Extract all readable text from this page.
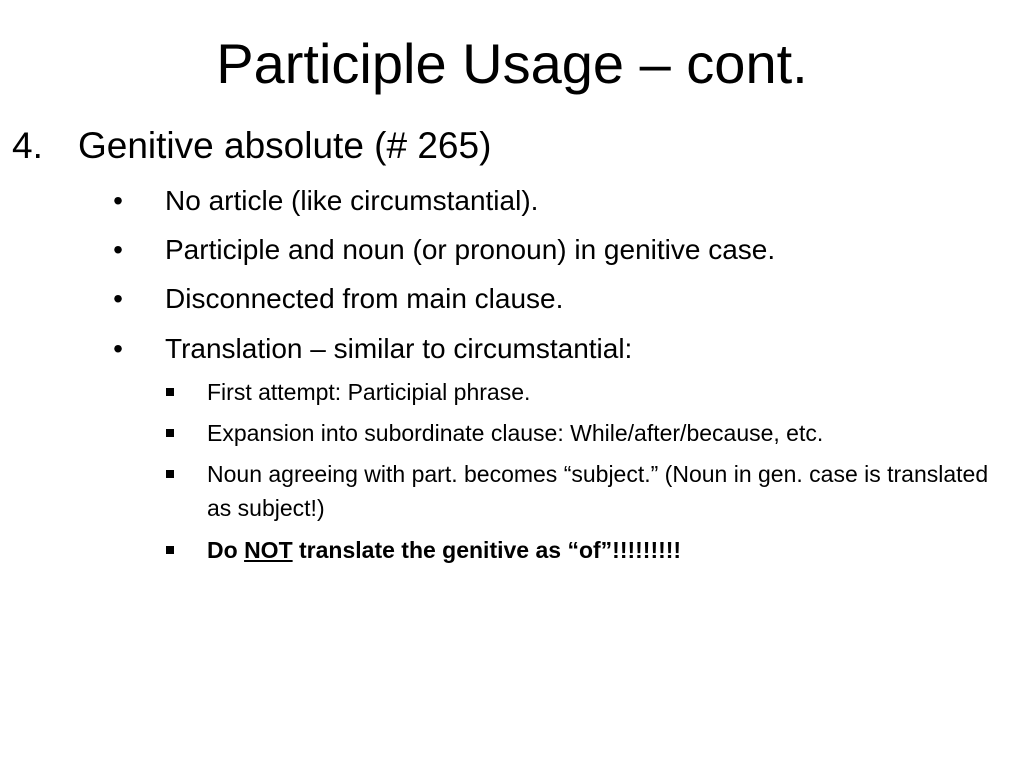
Participle Usage – cont.
4. Genitive absolute (# 265)
• No article (like circumstantial).
• Participle and noun (or pronoun) in genitive case.
• Disconnected from main clause.
• Translation – similar to circumstantial:
First attempt: Participial phrase.
Expansion into subordinate clause: While/after/because, etc.
Noun agreeing with part. becomes “subject.” (Noun in gen. case is translated as subject!)
Do NOT translate the genitive as “of”!!!!!!!!!
